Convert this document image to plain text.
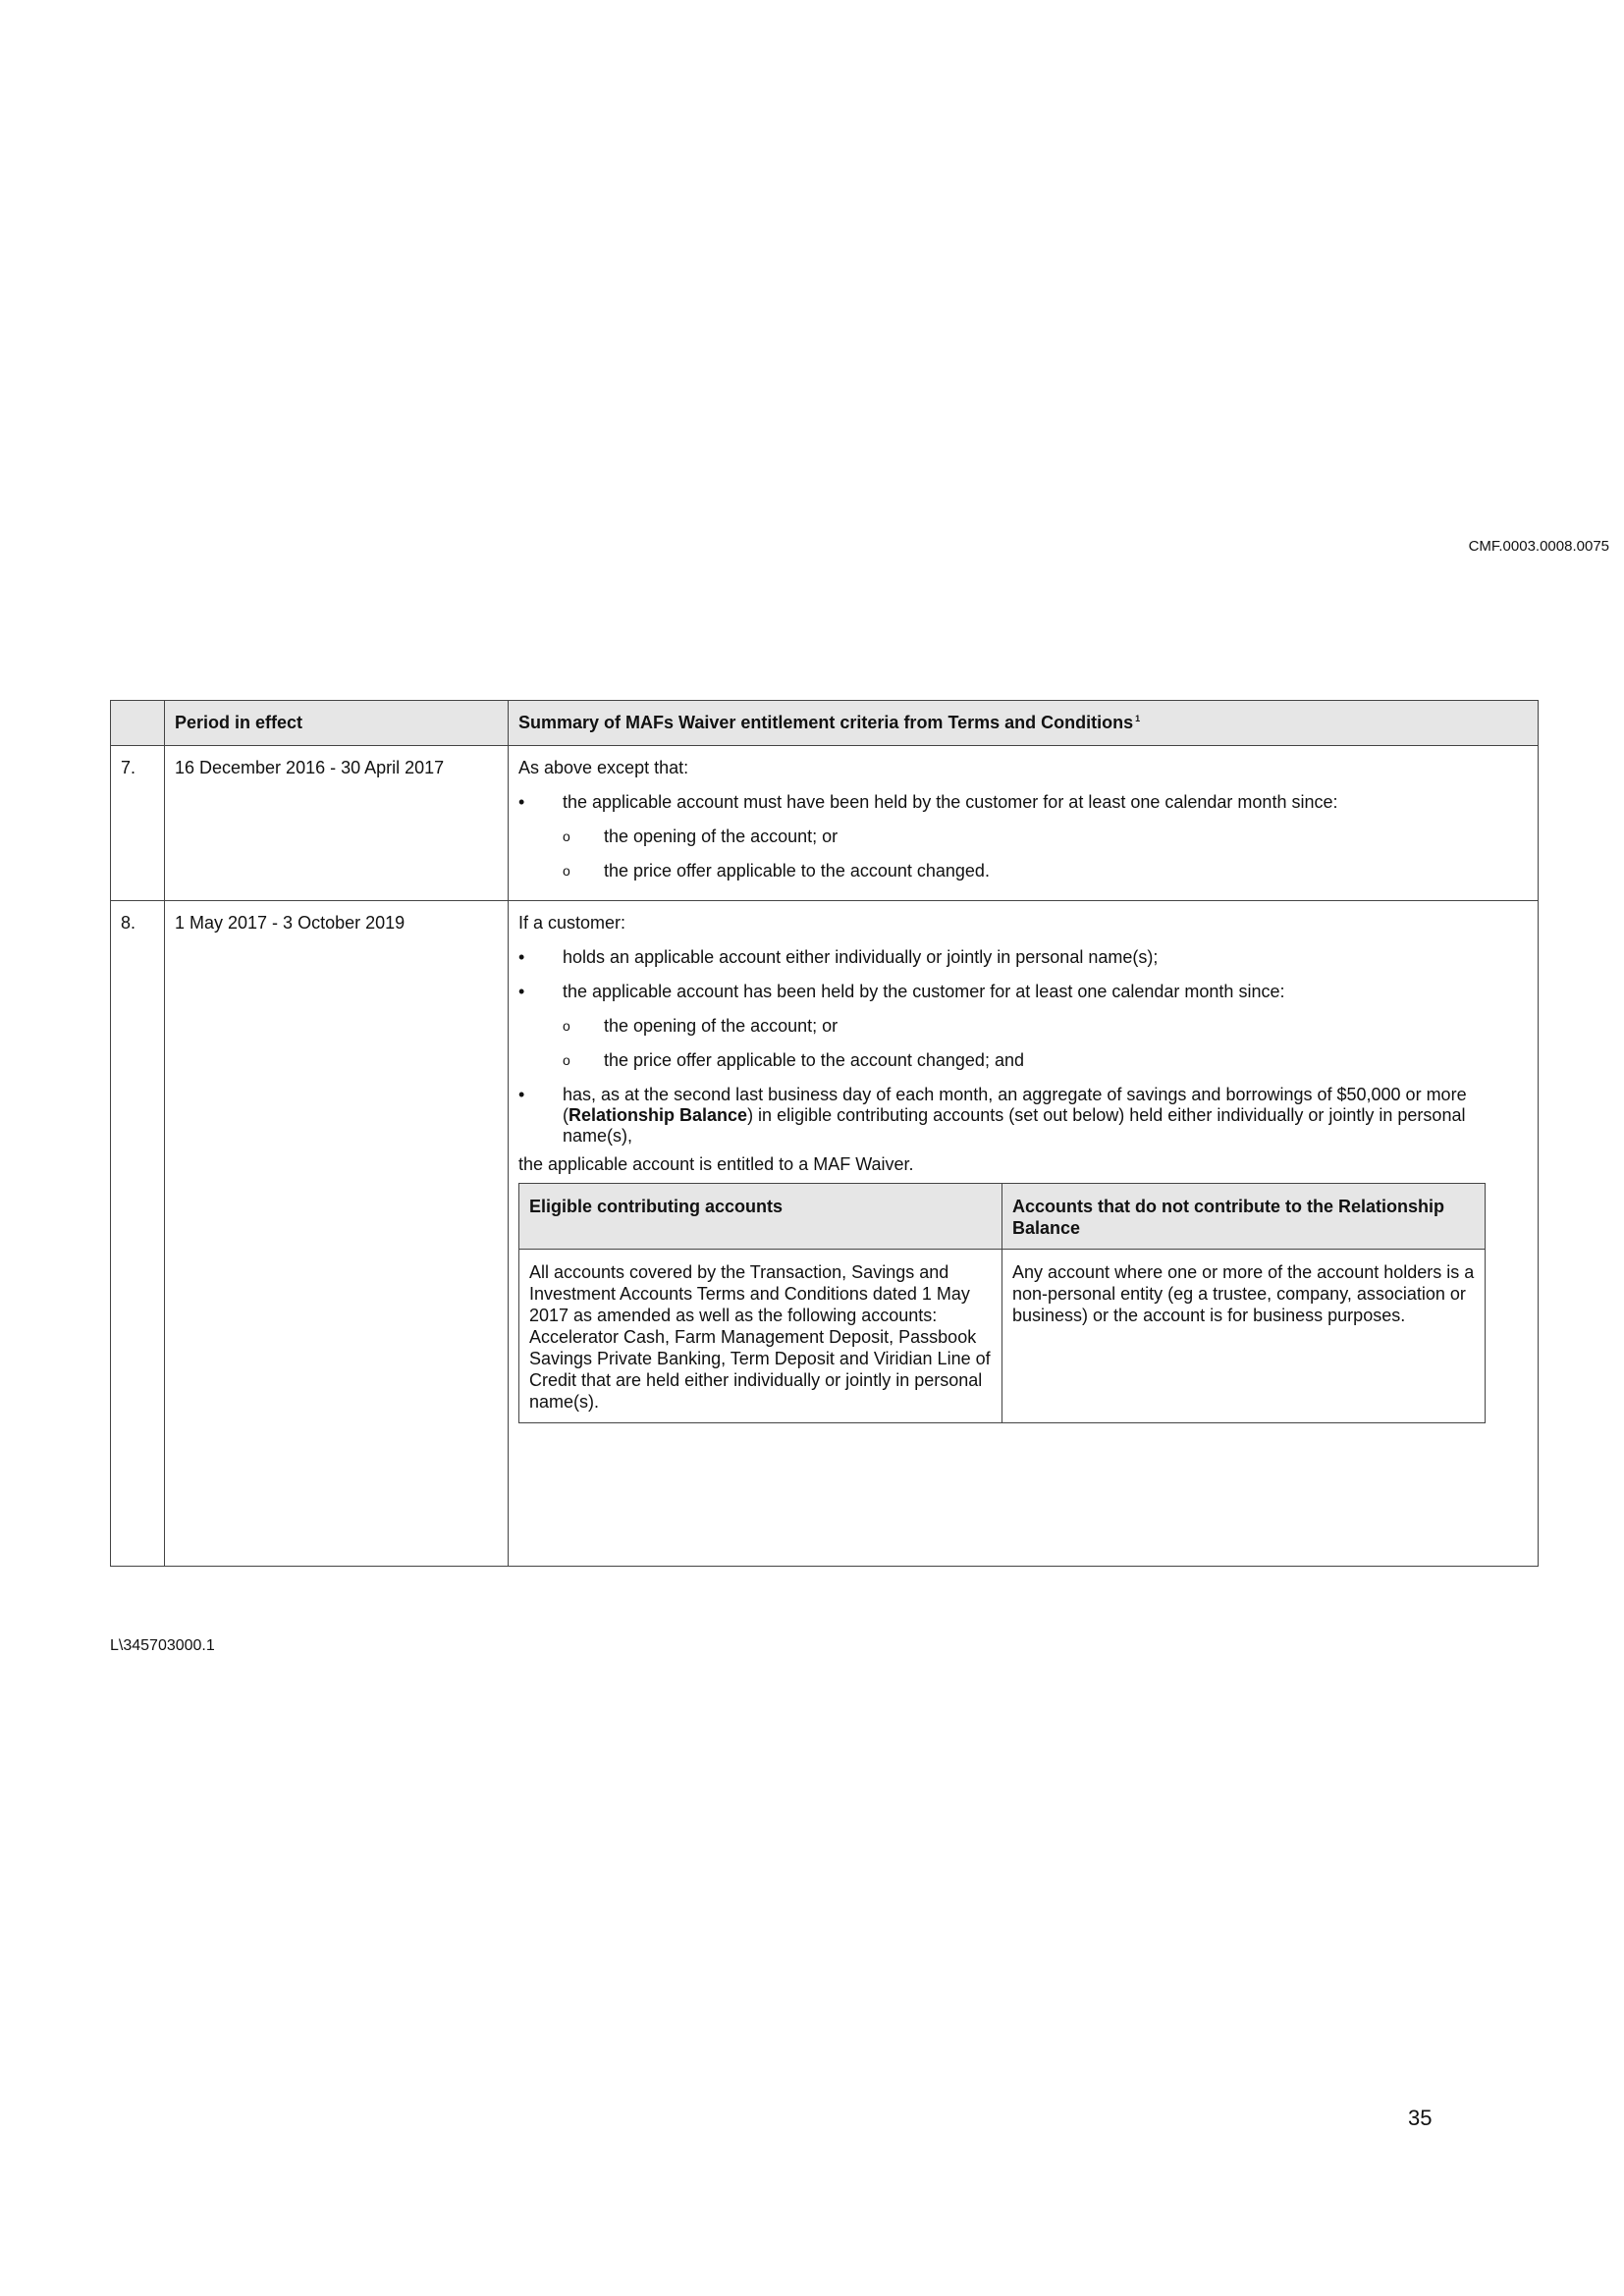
CMF.0003.0008.0075
	Period in effect	Summary of MAFs Waiver entitlement criteria from Terms and Conditions $^1$
7.	16 December 2016 - 30 April 2017	As above except that:

• the applicable account must have been held by the customer for at least one calendar month since:
o the opening of the account; or
o the price offer applicable to the account changed.

8.	1 May 2017 - 3 October 2019	If a customer:

• holds an applicable account either individually or jointly in personal name(s);
• the applicable account has been held by the customer for at least one calendar month since:
o the opening of the account; or
o the price offer applicable to the account changed; and
• has, as at the second last business day of each month, an aggregate of savings and borrowings of $50,000 or more (Relationship Balance) in eligible contributing accounts (set out below) held either individually or jointly in personal name(s),

the applicable account is entitled to a MAF Waiver.

Eligible contributing accounts	Accounts that do not contribute to the Relationship Balance
All accounts covered by the Transaction, Savings and Investment Accounts Terms and Conditions dated 1 May 2017 as amended as well as the following accounts: Accelerator Cash, Farm Management Deposit, Passbook Savings Private Banking, Term Deposit and Viridian Line of Credit that are held either individually or jointly in personal name(s).	Any account where one or more of the account holders is a non-personal entity (eg a trustee, company, association or business) or the account is for business purposes.
L\345703000.1
35
